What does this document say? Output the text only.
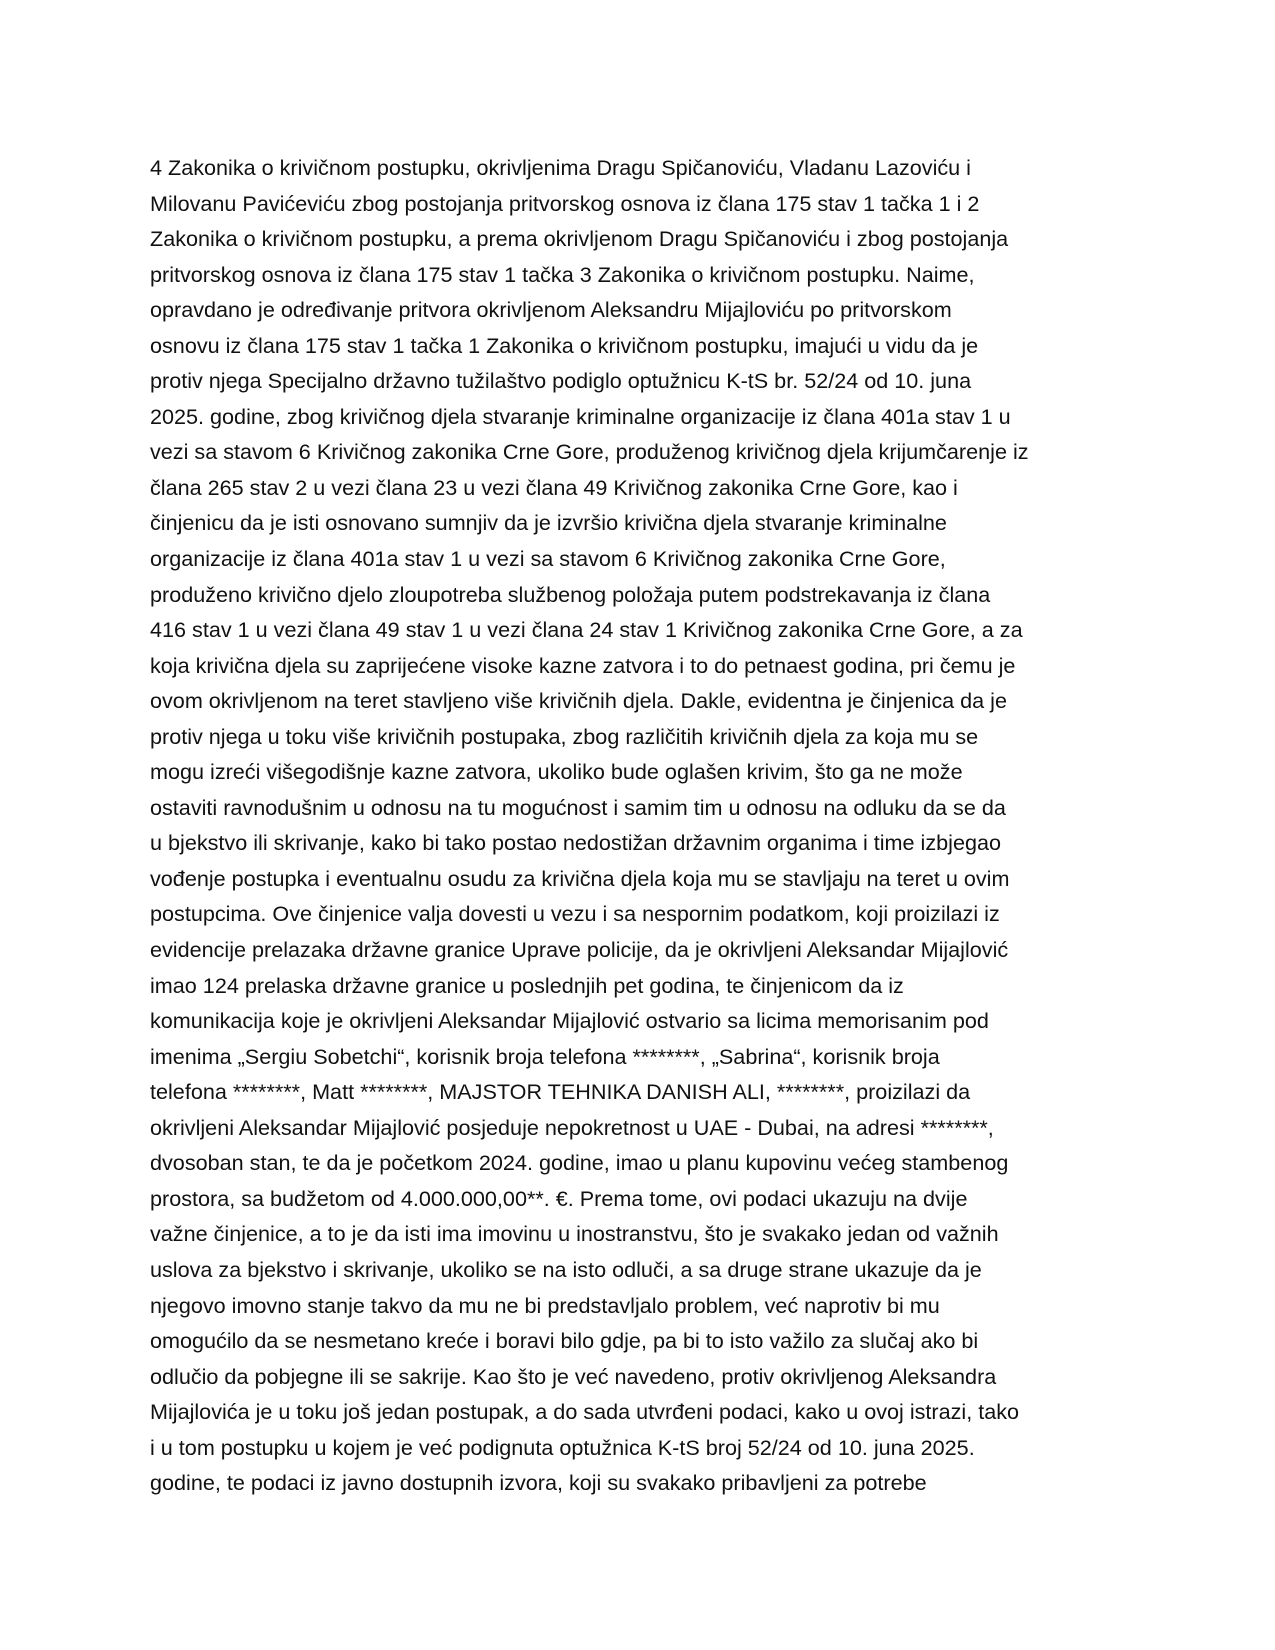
4 Zakonika o krivičnom postupku, okrivljenima Dragu Spičanoviću, Vladanu Lazoviću i
Milovanu Pavićeviću zbog postojanja pritvorskog osnova iz člana 175 stav 1 tačka 1 i 2
Zakonika o krivičnom postupku, a prema okrivljenom Dragu Spičanoviću i zbog postojanja
pritvorskog osnova iz člana 175 stav 1 tačka 3 Zakonika o krivičnom postupku. Naime,
opravdano je određivanje pritvora okrivljenom Aleksandru Mijajloviću po pritvorskom
osnovu iz člana 175 stav 1 tačka 1 Zakonika o krivičnom postupku, imajući u vidu da je
protiv njega Specijalno državno tužilaštvo podiglo optužnicu K-tS br. 52/24 od 10. juna
2025. godine, zbog krivičnog djela stvaranje kriminalne organizacije iz člana 401a stav 1 u
vezi sa stavom 6 Krivičnog zakonika Crne Gore, produženog krivičnog djela krijumčarenje iz
člana 265 stav 2 u vezi člana 23 u vezi člana 49 Krivičnog zakonika Crne Gore, kao i
činjenicu da je isti osnovano sumnjiv da je izvršio krivična djela stvaranje kriminalne
organizacije iz člana 401a stav 1 u vezi sa stavom 6 Krivičnog zakonika Crne Gore,
produženo krivično djelo zloupotreba službenog položaja putem podstrekavanja iz člana
416 stav 1 u vezi člana 49 stav 1 u vezi člana 24 stav 1 Krivičnog zakonika Crne Gore, a za
koja krivična djela su zaprijećene visoke kazne zatvora i to do petnaest godina, pri čemu je
ovom okrivljenom na teret stavljeno više krivičnih djela. Dakle, evidentna je činjenica da je
protiv njega u toku više krivičnih postupaka, zbog različitih krivičnih djela za koja mu se
mogu izreći višegodišnje kazne zatvora, ukoliko bude oglašen krivim, što ga ne može
ostaviti ravnodušnim u odnosu na tu mogućnost i samim tim u odnosu na odluku da se da
u bjekstvo ili skrivanje, kako bi tako postao nedostižan državnim organima i time izbjegao
vođenje postupka i eventualnu osudu za krivična djela koja mu se stavljaju na teret u ovim
postupcima. Ove činjenice valja dovesti u vezu i sa nespornim podatkom, koji proizilazi iz
evidencije prelazaka državne granice Uprave policije, da je okrivljeni Aleksandar Mijajlović
imao 124 prelaska državne granice u poslednjih pet godina, te činjenicom da iz
komunikacija koje je okrivljeni Aleksandar Mijajlović ostvario sa licima memorisanim pod
imenima „Sergiu Sobetchi“, korisnik broja telefona ********, „Sabrina“, korisnik broja
telefona ********, Matt ********, MAJSTOR TEHNIKA DANISH ALI, ********, proizilazi da
okrivljeni Aleksandar Mijajlović posjeduje nepokretnost u UAE - Dubai, na adresi ********,
dvosoban stan, te da je početkom 2024. godine, imao u planu kupovinu većeg stambenog
prostora, sa budžetom od 4.000.000,00**. €. Prema tome, ovi podaci ukazuju na dvije
važne činjenice, a to je da isti ima imovinu u inostranstvu, što je svakako jedan od važnih
uslova za bjekstvo i skrivanje, ukoliko se na isto odluči, a sa druge strane ukazuje da je
njegovo imovno stanje takvo da mu ne bi predstavljalo problem, već naprotiv bi mu
omogućilo da se nesmetano kreće i boravi bilo gdje, pa bi to isto važilo za slučaj ako bi
odlučio da pobjegne ili se sakrije. Kao što je već navedeno, protiv okrivljenog Aleksandra
Mijajlovića je u toku još jedan postupak, a do sada utvrđeni podaci, kako u ovoj istrazi, tako
i u tom postupku u kojem je već podignuta optužnica K-tS broj 52/24 od 10. juna 2025.
godine, te podaci iz javno dostupnih izvora, koji su svakako pribavljeni za potrebe
